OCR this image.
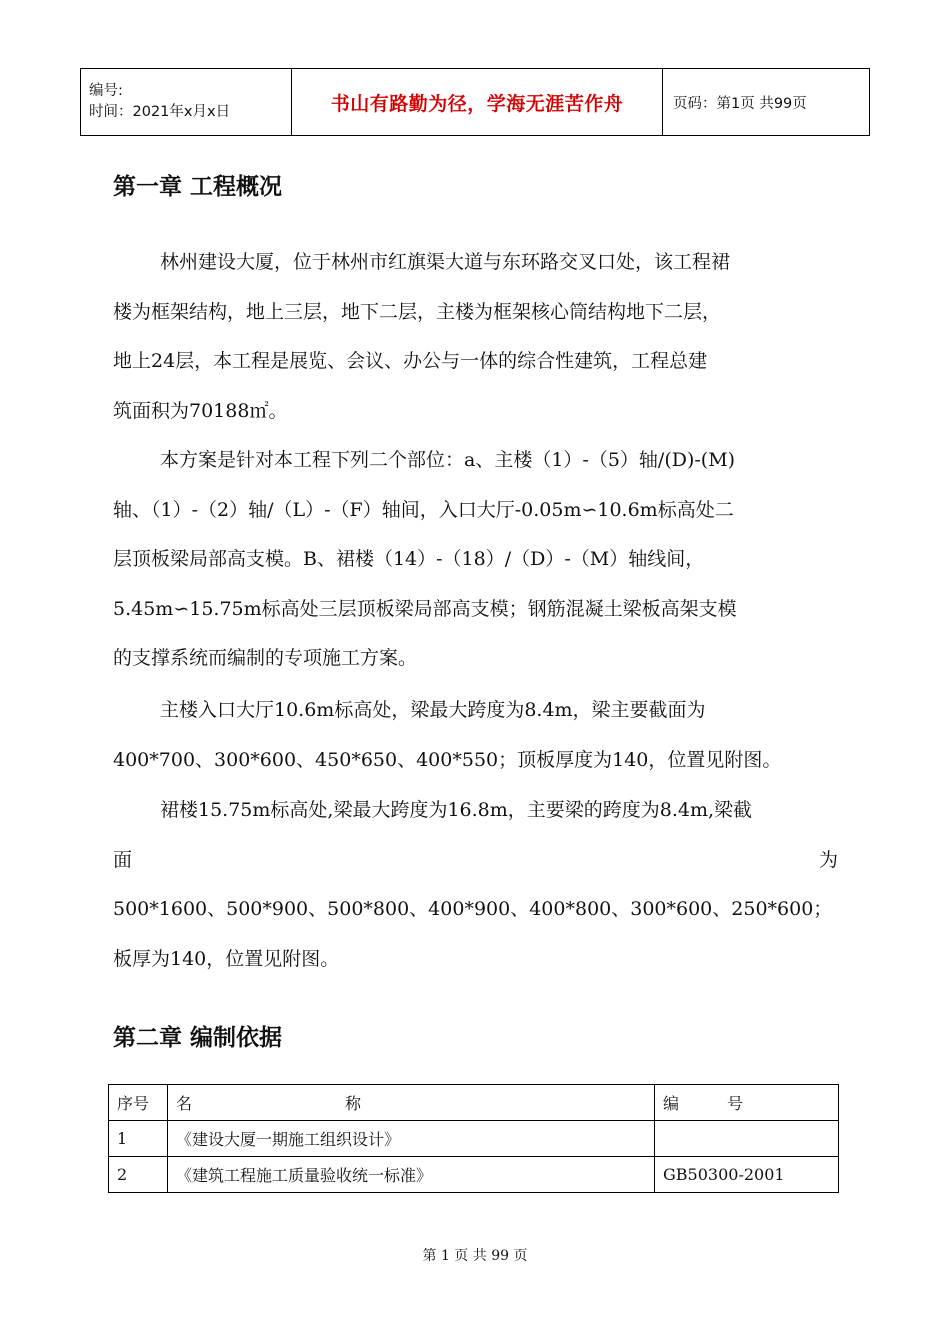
编号:
时间：2021年x月x日	书山有路勤为径，学海无涯苦作舟	页码：第1页 共99页
第一章 工程概况

林州建设大厦，位于林州市红旗渠大道与东环路交叉口处，该工程裙

楼为框架结构，地上三层，地下二层，主楼为框架核心筒结构地下二层，

地上24层，本工程是展览、会议、办公与一体的综合性建筑，工程总建

筑面积为70188㎡。

本方案是针对本工程下列二个部位：a、主楼（1）-（5）轴/(D)-(M)

轴、（1）-（2）轴/（L）-（F）轴间，入口大厅-0.05m∽10.6m标高处二

层顶板梁局部高支模。B、裙楼（14）-（18）/（D）-（M）轴线间，

5.45m∽15.75m标高处三层顶板梁局部高支模；钢筋混凝土梁板高架支模

的支撑系统而编制的专项施工方案。

主楼入口大厅10.6m标高处，梁最大跨度为8.4m，梁主要截面为

400*700、300*600、450*650、400*550；顶板厚度为140，位置见附图。

裙楼15.75m标高处,梁最大跨度为16.8m，主要梁的跨度为8.4m,梁截

面	为

500*1600、500*900、500*800、400*900、400*800、300*600、250*600；

板厚为140，位置见附图。

第二章 编制依据
序号	名 称	编 号

1	《建设大厦一期施工组织设计》	
2	《建筑工程施工质量验收统一标准》	GB50300-2001
第 1 页 共 99 页
